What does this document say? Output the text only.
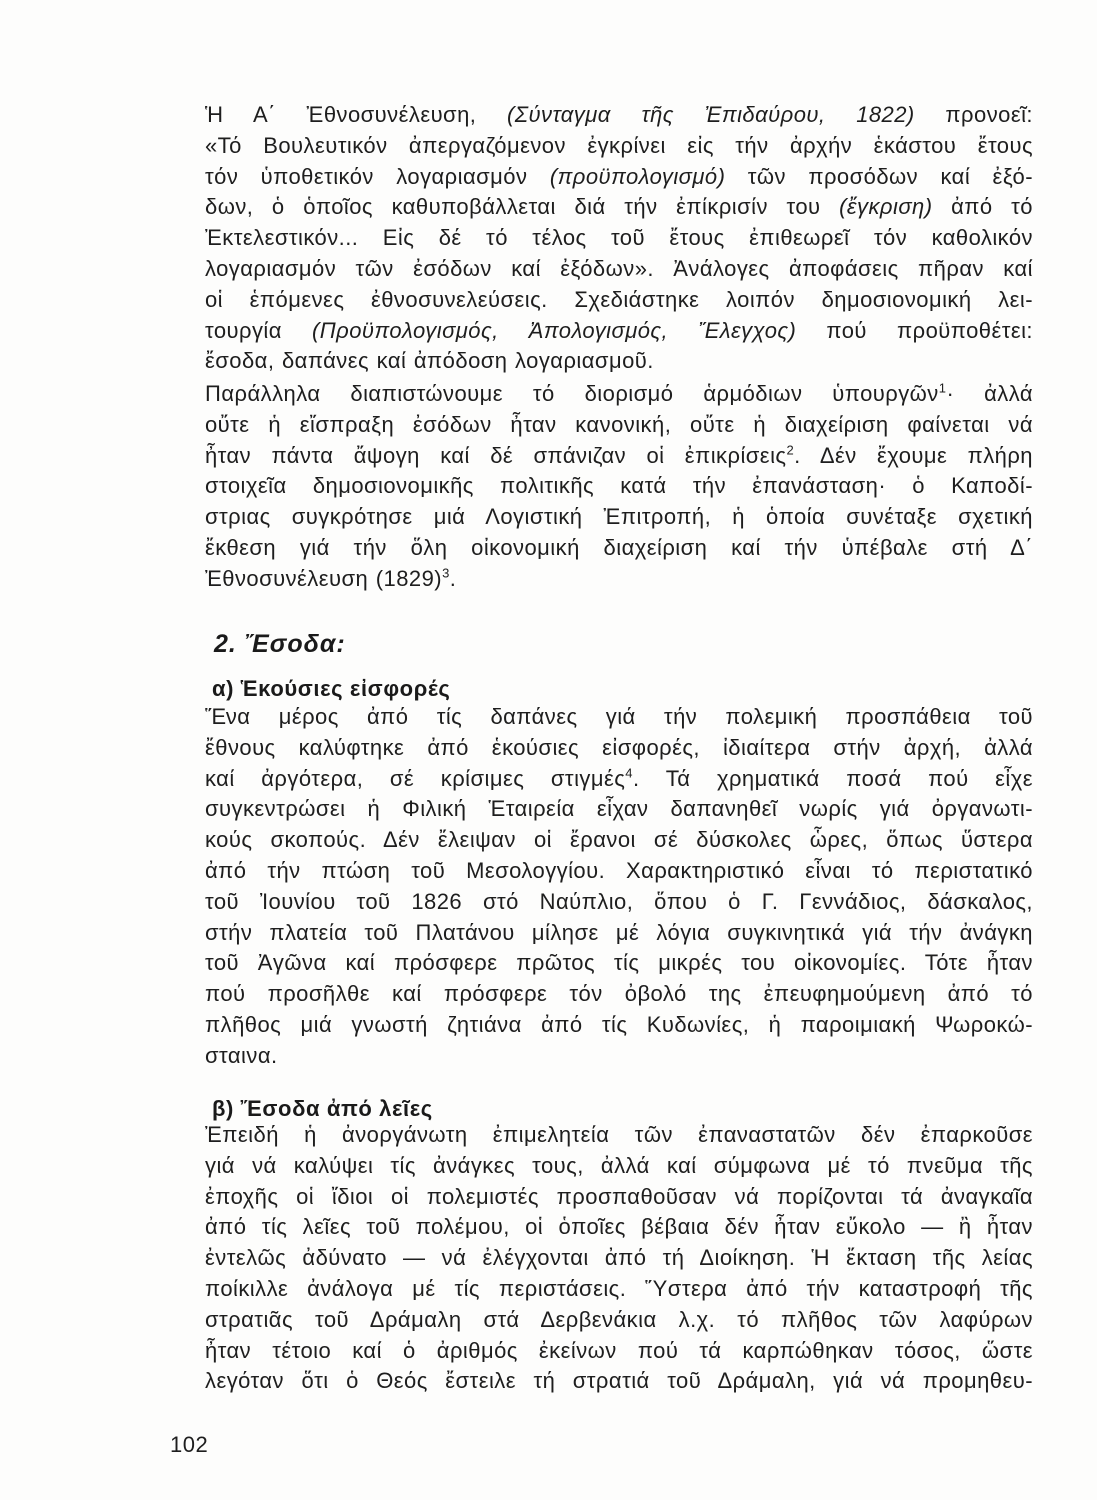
Ἡ Α΄ Ἐθνοσυνέλευση, (Σύνταγμα τῆς Ἐπιδαύρου, 1822) προνοεῖ:
«Τό Βουλευτικόν ἀπεργαζόμενον ἐγκρίνει εἰς τήν ἀρχήν ἑκάστου ἔτους
τόν ὑποθετικόν λογαριασμόν (προϋπολογισμό) τῶν προσόδων καί ἐξό-
δων, ὁ ὁποῖος καθυποβάλλεται διά τήν ἐπίκρισίν του (ἔγκριση) ἀπό τό
Ἐκτελεστικόν... Εἰς δέ τό τέλος τοῦ ἔτους ἐπιθεωρεῖ τόν καθολικόν
λογαριασμόν τῶν ἐσόδων καί ἐξόδων». Ἀνάλογες ἀποφάσεις πῆραν καί
οἱ ἑπόμενες ἐθνοσυνελεύσεις. Σχεδιάστηκε λοιπόν δημοσιονομική λει-
τουργία (Προϋπολογισμός, Ἀπολογισμός, Ἔλεγχος) πού προϋποθέτει:
ἔσοδα, δαπάνες καί ἀπόδοση λογαριασμοῦ.
Παράλληλα διαπιστώνουμε τό διορισμό ἁρμόδιων ὑπουργῶν$^1$· ἀλλά
οὔτε ἡ εἴσπραξη ἐσόδων ἦταν κανονική, οὔτε ἡ διαχείριση φαίνεται νά
ἦταν πάντα ἄψογη καί δέ σπάνιζαν οἱ ἐπικρίσεις$^2$. Δέν ἔχουμε πλήρη
στοιχεῖα δημοσιονομικῆς πολιτικῆς κατά τήν ἐπανάσταση· ὁ Καποδί-
στριας συγκρότησε μιά Λογιστική Ἐπιτροπή, ἡ ὁποία συνέταξε σχετική
ἔκθεση γιά τήν ὅλη οἰκονομική διαχείριση καί τήν ὑπέβαλε στή Δ΄
Ἐθνοσυνέλευση $(1829)^3$.
2. Ἔσοδα:
α) Ἑκούσιες εἰσφορές
Ἕνα μέρος ἀπό τίς δαπάνες γιά τήν πολεμική προσπάθεια τοῦ
ἔθνους καλύφτηκε ἀπό ἑκούσιες εἰσφορές, ἰδιαίτερα στήν ἀρχή, ἀλλά
καί ἀργότερα, σέ κρίσιμες στιγμές$^4$. Τά χρηματικά ποσά πού εἶχε
συγκεντρώσει ἡ Φιλική Ἑταιρεία εἶχαν δαπανηθεῖ νωρίς γιά ὀργανωτι-
κούς σκοπούς. Δέν ἔλειψαν οἱ ἔρανοι σέ δύσκολες ὧρες, ὅπως ὕστερα
ἀπό τήν πτώση τοῦ Μεσολογγίου. Χαρακτηριστικό εἶναι τό περιστατικό
τοῦ Ἰουνίου τοῦ 1826 στό Ναύπλιο, ὅπου ὁ Γ. Γεννάδιος, δάσκαλος,
στήν πλατεία τοῦ Πλατάνου μίλησε μέ λόγια συγκινητικά γιά τήν ἀνάγκη
τοῦ Ἀγῶνα καί πρόσφερε πρῶτος τίς μικρές του οἰκονομίες. Τότε ἦταν
πού προσῆλθε καί πρόσφερε τόν ὀβολό της ἐπευφημούμενη ἀπό τό
πλῆθος μιά γνωστή ζητιάνα ἀπό τίς Κυδωνίες, ἡ παροιμιακή Ψωροκώ-
σταινα.
β) Ἔσοδα ἀπό λεῖες
Ἐπειδή ἡ ἀνοργάνωτη ἐπιμελητεία τῶν ἐπαναστατῶν δέν ἐπαρκοῦσε
γιά νά καλύψει τίς ἀνάγκες τους, ἀλλά καί σύμφωνα μέ τό πνεῦμα τῆς
ἐποχῆς οἱ ἴδιοι οἱ πολεμιστές προσπαθοῦσαν νά πορίζονται τά ἀναγκαῖα
ἀπό τίς λεῖες τοῦ πολέμου, οἱ ὁποῖες βέβαια δέν ἦταν εὔκολο — ἢ ἦταν
ἐντελῶς ἀδύνατο — νά ἐλέγχονται ἀπό τή Διοίκηση. Ἡ ἔκταση τῆς λείας
ποίκιλλε ἀνάλογα μέ τίς περιστάσεις. Ὕστερα ἀπό τήν καταστροφή τῆς
στρατιᾶς τοῦ Δράμαλη στά Δερβενάκια λ.χ. τό πλῆθος τῶν λαφύρων
ἦταν τέτοιο καί ὁ ἀριθμός ἐκείνων πού τά καρπώθηκαν τόσος, ὥστε
λεγόταν ὅτι ὁ Θεός ἔστειλε τή στρατιά τοῦ Δράμαλη, γιά νά προμηθευ-
102
